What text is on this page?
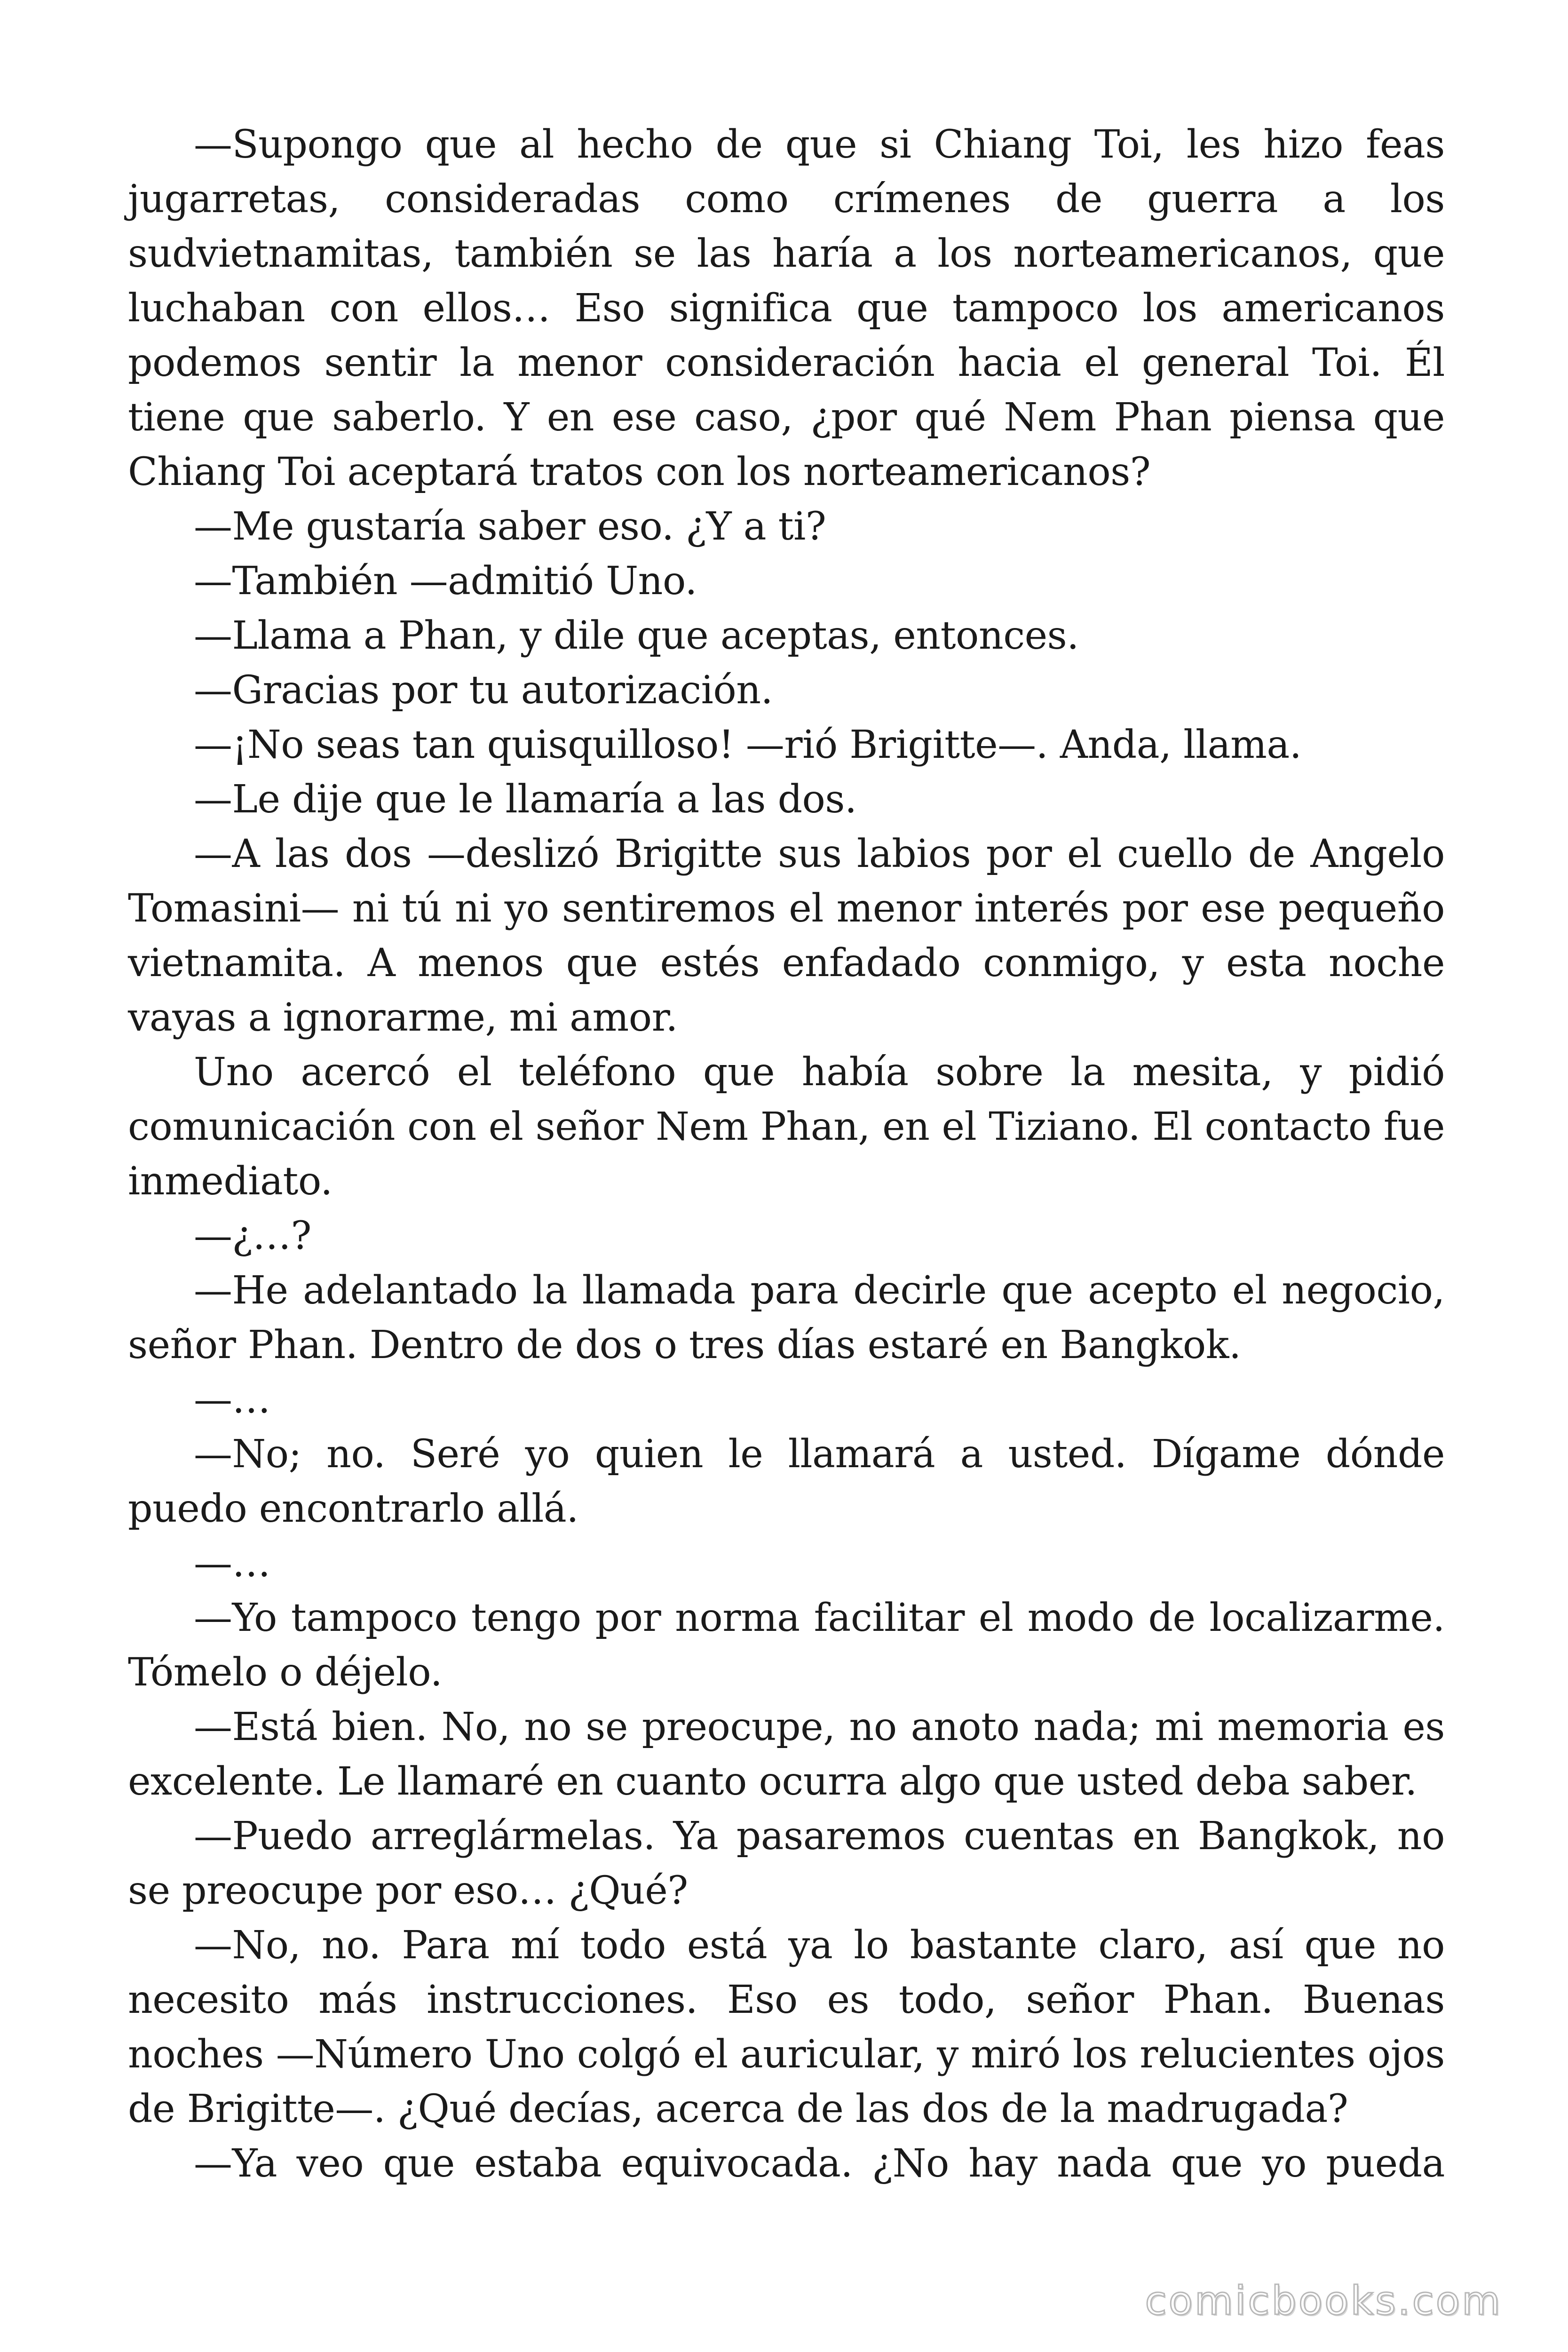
—Supongo que al hecho de que si Chiang Toi, les hizo feas jugarretas, consideradas como crímenes de guerra a los sudvietnamitas, también se las haría a los norteamericanos, que luchaban con ellos… Eso significa que tampoco los americanos podemos sentir la menor consideración hacia el general Toi. Él tiene que saberlo. Y en ese caso, ¿por qué Nem Phan piensa que Chiang Toi aceptará tratos con los norteamericanos?

—Me gustaría saber eso. ¿Y a ti?

—También —admitió Uno.

—Llama a Phan, y dile que aceptas, entonces.

—Gracias por tu autorización.

—¡No seas tan quisquilloso! —rió Brigitte—. Anda, llama.

—Le dije que le llamaría a las dos.

—A las dos —deslizó Brigitte sus labios por el cuello de Angelo Tomasini— ni tú ni yo sentiremos el menor interés por ese pequeño vietnamita. A menos que estés enfadado conmigo, y esta noche vayas a ignorarme, mi amor.

Uno acercó el teléfono que había sobre la mesita, y pidió comunicación con el señor Nem Phan, en el Tiziano. El contacto fue inmediato.

—¿…?

—He adelantado la llamada para decirle que acepto el negocio, señor Phan. Dentro de dos o tres días estaré en Bangkok.

—…

—No; no. Seré yo quien le llamará a usted. Dígame dónde puedo encontrarlo allá.

—…

—Yo tampoco tengo por norma facilitar el modo de localizarme. Tómelo o déjelo.

—Está bien. No, no se preocupe, no anoto nada; mi memoria es excelente. Le llamaré en cuanto ocurra algo que usted deba saber.

—Puedo arreglármelas. Ya pasaremos cuentas en Bangkok, no se preocupe por eso… ¿Qué?

—No, no. Para mí todo está ya lo bastante claro, así que no necesito más instrucciones. Eso es todo, señor Phan. Buenas noches —Número Uno colgó el auricular, y miró los relucientes ojos de Brigitte—. ¿Qué decías, acerca de las dos de la madrugada?

—Ya veo que estaba equivocada. ¿No hay nada que yo pueda

comicbooks.com
